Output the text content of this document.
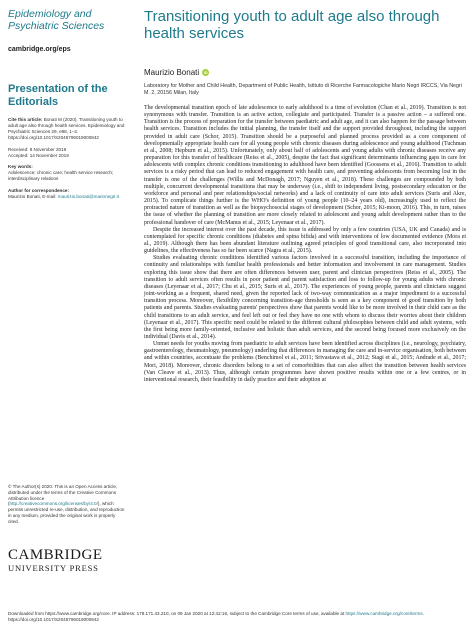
Epidemiology and Psychiatric Sciences

cambridge.org/eps
Presentation of the Editorials

Cite this article: Bonati M (2020). Transitioning youth to adult age also through health services. Epidemiology and Psychiatric Sciences 29, e88, 1–2. https://doi.org/10.1017/S2045796019000842

Received: 8 November 2019

Accepted: 14 November 2019

Key words:

Adolescence; chronic care; health service research; interdisciplinary relations

Author for correspondence:

Maurizio Bonati, E-mail: maurizio.bonati@marionegri.it

© The Author(s) 2020. This is an Open Access article, distributed under the terms of the Creative Commons Attribution licence (http://creativecommons.org/licenses/by/4.0/), which permits unrestricted re-use, distribution, and reproduction in any medium, provided the original work is properly cited.
CAMBRIDGE
UNIVERSITY PRESS
Transitioning youth to adult age also through health services
Maurizio Bonati	iD
Laboratory for Mother and Child Health, Department of Public Health, Istituto di Ricerche Farmacologiche Mario Negri IRCCS, Via Negri M. 2, 20156 Milan, Italy

The developmental transition epoch of late adolescence to early adulthood is a time of evolution (Chan et al., 2019). Transition is not synonymous with transfer. Transition is an active action, collegiate and participated. Transfer is a passive action – a suffered one. Transition is the process of preparation for the transfer between paediatric and adult age, and it can also happen for the passage between health services. Transition includes the initial planning, the transfer itself and the support provided throughout, including the support provided in adult care (Schor, 2015). Transition should be a purposeful and planned process provided as a core component of developmentally appropriate health care for all young people with chronic diseases during adolescence and young adulthood (Tuchman et al., 2008; Hepburn et al., 2015). Unfortunately, only about half of adolescents and young adults with chronic diseases receive any preparation for this transfer of healthcare (Reiss et al., 2005), despite the fact that significant determinants influencing gaps in care for adolescents with complex chronic conditions transitioning to adulthood have been identified (Goossens et al., 2016). Transition to adult services is a risky period that can lead to reduced engagement with health care, and preventing adolescents from becoming lost in the transfer is one of the challenges (Willis and McDonagh, 2017; Nguyen et al., 2018). These challenges are compounded by both multiple, concurrent developmental transitions that may be underway (i.e., shift to independent living, postsecondary education or the workforce and personal and peer relationships/social networks) and a lack of continuity of care into adult services (Suris and Akre, 2015). To complicate things further is the WHO's definition of young people (10–24 years old), increasingly used to reflect the protracted nature of transition as well as the biopsychosocial stages of development (Schor, 2015; Ki-moon, 2016). This, in turn, raises the issue of whether the planning of transition are more closely related to adolescent and young adult development rather than to the professional handover of care (McManus et al., 2015; Leyenaar et al., 2017).

Despite the increased interest over the past decade, this issue is addressed by only a few countries (USA, UK and Canada) and is contemplated for specific chronic conditions (diabetes and spina bifida) and with interventions of low documented evidence (Mora et al., 2019). Although there has been abundant literature outlining agreed principles of good transitional care, also incorporated into guidelines, the effectiveness has so far been scarce (Nagra et al., 2015).

Studies evaluating chronic conditions identified various factors involved in a successful transition, including the importance of continuity and relationships with familiar health professionals and better information and involvement in care management. Studies exploring this issue show that there are often differences between user, parent and clinician perspectives (Reiss et al., 2005). The transition to adult services often results in poor patient and parent satisfaction and loss to follow-up for young adults with chronic diseases (Leyenaar et al., 2017; Chu et al., 2015; Suris et al., 2017). The experiences of young people, parents and clinicians suggest joint-working as a frequent, shared need, given the reported lack of two-way communication as a major impediment to a successful transition process. Moreover, flexibility concerning transition-age thresholds is seen as a key component of good transition by both patients and parents. Studies evaluating parents' perspectives show that parents would like to be more involved in their child care as the child transitions to an adult service, and feel left out or feel they have no one with whom to discuss their worries about their children (Leyenaar et al., 2017). This specific need could be related to the different cultural philosophies between child and adult systems, with the first being more family-oriented, inclusive and holistic than adult services, and the second being focused more exclusively on the individual (Davis et al., 2014).

Unmet needs for youths moving from paediatric to adult services have been identified across disciplines (i.e., neurology, psychiatry, gastroenterology, rheumatology, pneumology) underling that differences in managing the care and in-service organisation, both between and within countries, accentuate the problems (Benchimol et al., 2011; Srivastava et al., 2012; Stagi et al., 2015; Andrade et al., 2017; Mori, 2018). Moreover, chronic disorders belong to a set of comorbidities that can also affect the transition between health services (Van Cleave et al., 2013). Thus, although certain programmes have shown positive results within one or a few centres, or in interventional research, their feasibility in daily practice and their adoption at

Downloaded from https://www.cambridge.org/core. IP address: 178.171.43.210, on 09 Jan 2020 at 12:42:16, subject to the Cambridge Core terms of use, available at https://www.cambridge.org/core/terms. https://doi.org/10.1017/S2045796019000842
